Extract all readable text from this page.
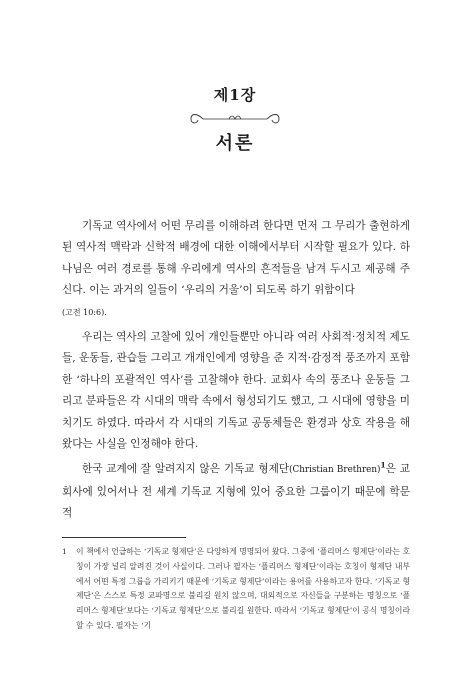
제1장
서론

기독교 역사에서 어떤 무리를 이해하려 한다면 먼저 그 무리가 출현하게 된 역사적 맥락과 신학적 배경에 대한 이해에서부터 시작할 필요가 있다. 하나님은 여러 경로를 통해 우리에게 역사의 흔적들을 남겨 두시고 제공해 주신다. 이는 과거의 일들이 ‘우리의 거울’이 되도록 하기 위함이다
(고전 10:6).

우리는 역사의 고찰에 있어 개인들뿐만 아니라 여러 사회적·정치적 제도들, 운동들, 관습들 그리고 개개인에게 영향을 준 지적·감정적 풍조까지 포함한 ‘하나의 포괄적인 역사’를 고찰해야 한다. 교회사 속의 풍조나 운동들 그리고 분파들은 각 시대의 맥락 속에서 형성되기도 했고, 그 시대에 영향을 미치기도 하였다. 따라서 각 시대의 기독교 공동체들은 환경과 상호 작용을 해왔다는 사실을 인정해야 한다.

한국 교계에 잘 알려지지 않은 기독교 형제단(Christian Brethren)$^1$은 교회사에 있어서나 전 세계 기독교 지형에 있어 중요한 그룹이기 때문에 학문적

1 이 책에서 언급하는 ‘기독교 형제단’은 다양하게 명명되어 왔다. 그중에 ‘플리머스 형제단’이라는 호칭이 가장 널리 알려진 것이 사실이다. 그러나 필자는 ‘플리머스 형제단’이라는 호칭이 형제단 내부에서 어떤 특정 그룹을 가리키기 때문에 ‘기독교 형제단’이라는 용어를 사용하고자 한다. ‘기독교 형제단’은 스스로 특정 교파명으로 불리길 원치 않으며, 대외적으로 자신들을 구분하는 명칭으로 ‘플리머스 형제단’보다는 ‘기독교 형제단’으로 불리길 원한다. 따라서 ‘기독교 형제단’이 공식 명칭이라 할 수 있다. 필자는 ‘기
